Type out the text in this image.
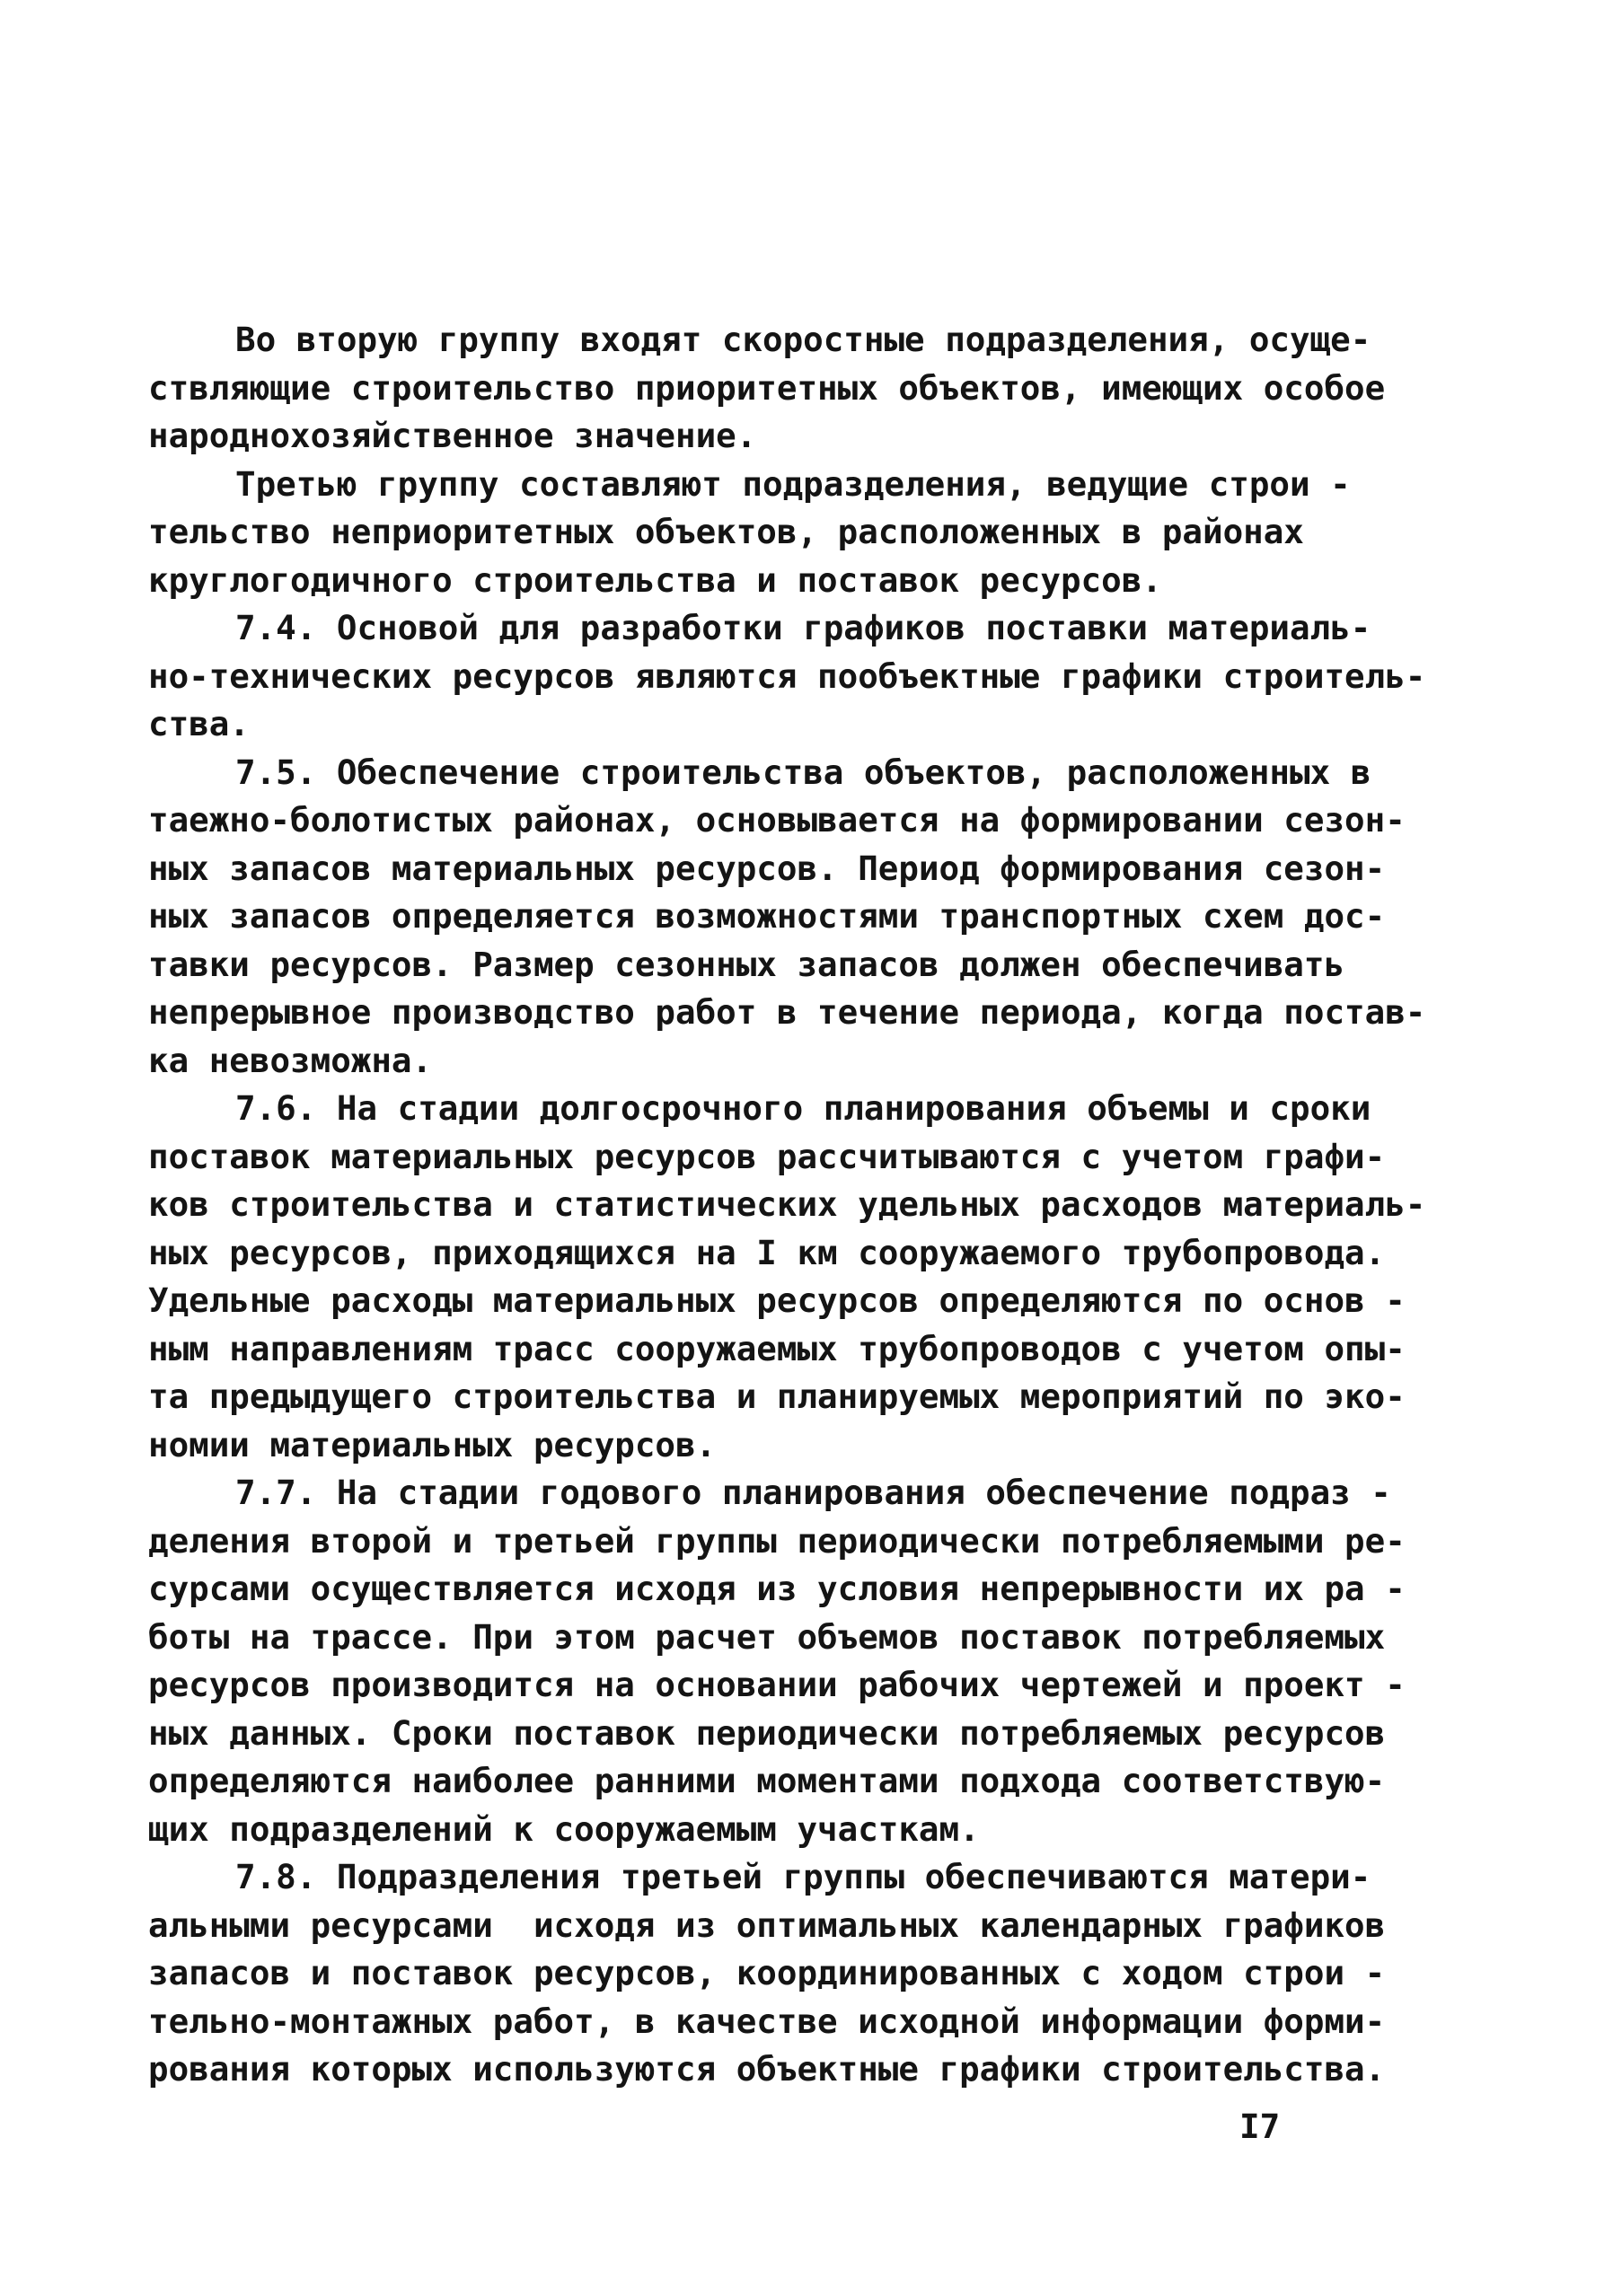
Во вторую группу входят скоростные подразделения, осуще-
ствляющие строительство приоритетных объектов, имеющих особое
народнохозяйственное значение.
Третью группу составляют подразделения, ведущие строи -
тельство неприоритетных объектов, расположенных в районах
круглогодичного строительства и поставок ресурсов.
7.4. Основой для разработки графиков поставки материаль-
но-технических ресурсов являются пообъектные графики строитель-
ства.
7.5. Обеспечение строительства объектов, расположенных в
таежно-болотистых районах, основывается на формировании сезон-
ных запасов материальных ресурсов. Период формирования сезон-
ных запасов определяется возможностями транспортных схем дос-
тавки ресурсов. Размер сезонных запасов должен обеспечивать
непрерывное производство работ в течение периода, когда постав-
ка невозможна.
7.6. На стадии долгосрочного планирования объемы и сроки
поставок материальных ресурсов рассчитываются с учетом графи-
ков строительства и статистических удельных расходов материаль-
ных ресурсов, приходящихся на I км сооружаемого трубопровода.
Удельные расходы материальных ресурсов определяются по основ -
ным направлениям трасс сооружаемых трубопроводов с учетом опы-
та предыдущего строительства и планируемых мероприятий по эко-
номии материальных ресурсов.
7.7. На стадии годового планирования обеспечение подраз -
деления второй и третьей группы периодически потребляемыми ре-
сурсами осуществляется исходя из условия непрерывности их ра -
боты на трассе. При этом расчет объемов поставок потребляемых
ресурсов производится на основании рабочих чертежей и проект -
ных данных. Сроки поставок периодически потребляемых ресурсов
определяются наиболее ранними моментами подхода соответствую-
щих подразделений к сооружаемым участкам.
7.8. Подразделения третьей группы обеспечиваются матери-
альными ресурсами  исходя из оптимальных календарных графиков
запасов и поставок ресурсов, координированных с ходом строи -
тельно-монтажных работ, в качестве исходной информации форми-
рования которых используются объектные графики строительства.
I7
